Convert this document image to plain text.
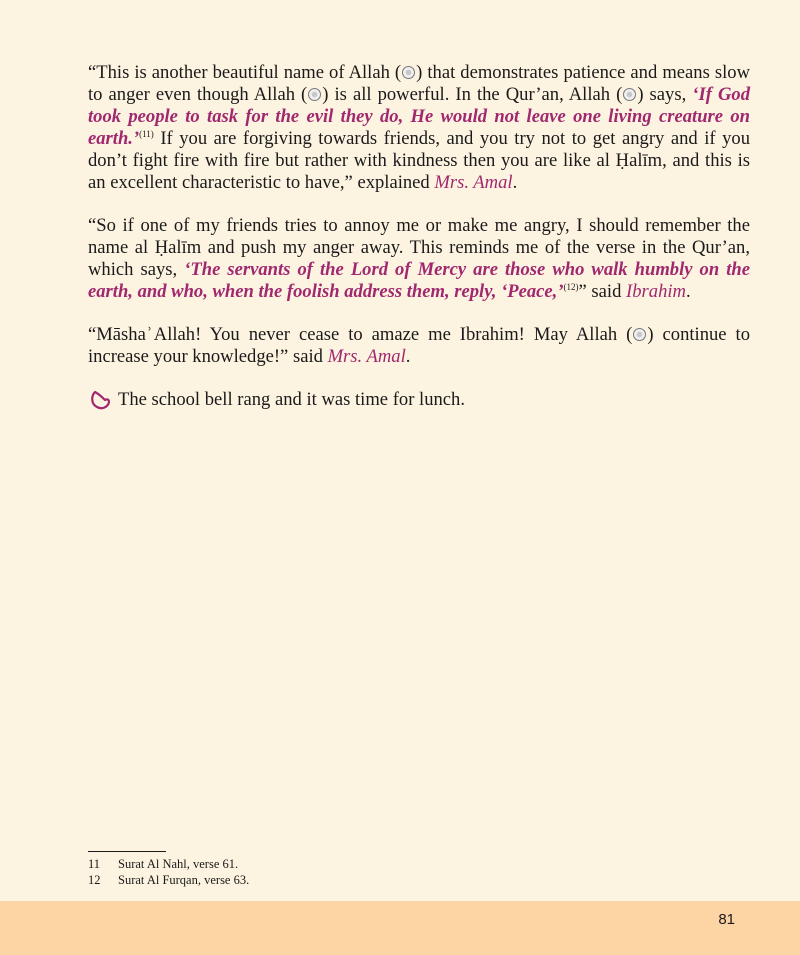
“This is another beautiful name of Allah ( ) that demonstrates patience and means slow to anger even though Allah ( ) is all powerful. In the Qur’an, Allah ( ) says, ‘If God took people to task for the evil they do, He would not leave one living creature on earth.’$^{(11)}$ If you are forgiving towards friends, and you try not to get angry and if you don’t fight fire with fire but rather with kindness then you are like al Ḥalīm, and this is an excellent characteristic to have,” explained Mrs. Amal.

“So if one of my friends tries to annoy me or make me angry, I should remember the name al Ḥalīm and push my anger away. This reminds me of the verse in the Qur’an, which says, ‘The servants of the Lord of Mercy are those who walk humbly on the earth, and who, when the foolish address them, reply, ‘Peace,’$^{(12)}$” said Ibrahim.

“Māsha ͗Allah! You never cease to amaze me Ibrahim! May Allah ( ) continue to increase your knowledge!” said Mrs. Amal.

The school bell rang and it was time for lunch.
11	Surat Al Nahl, verse 61.
12	Surat Al Furqan, verse 63.
81
